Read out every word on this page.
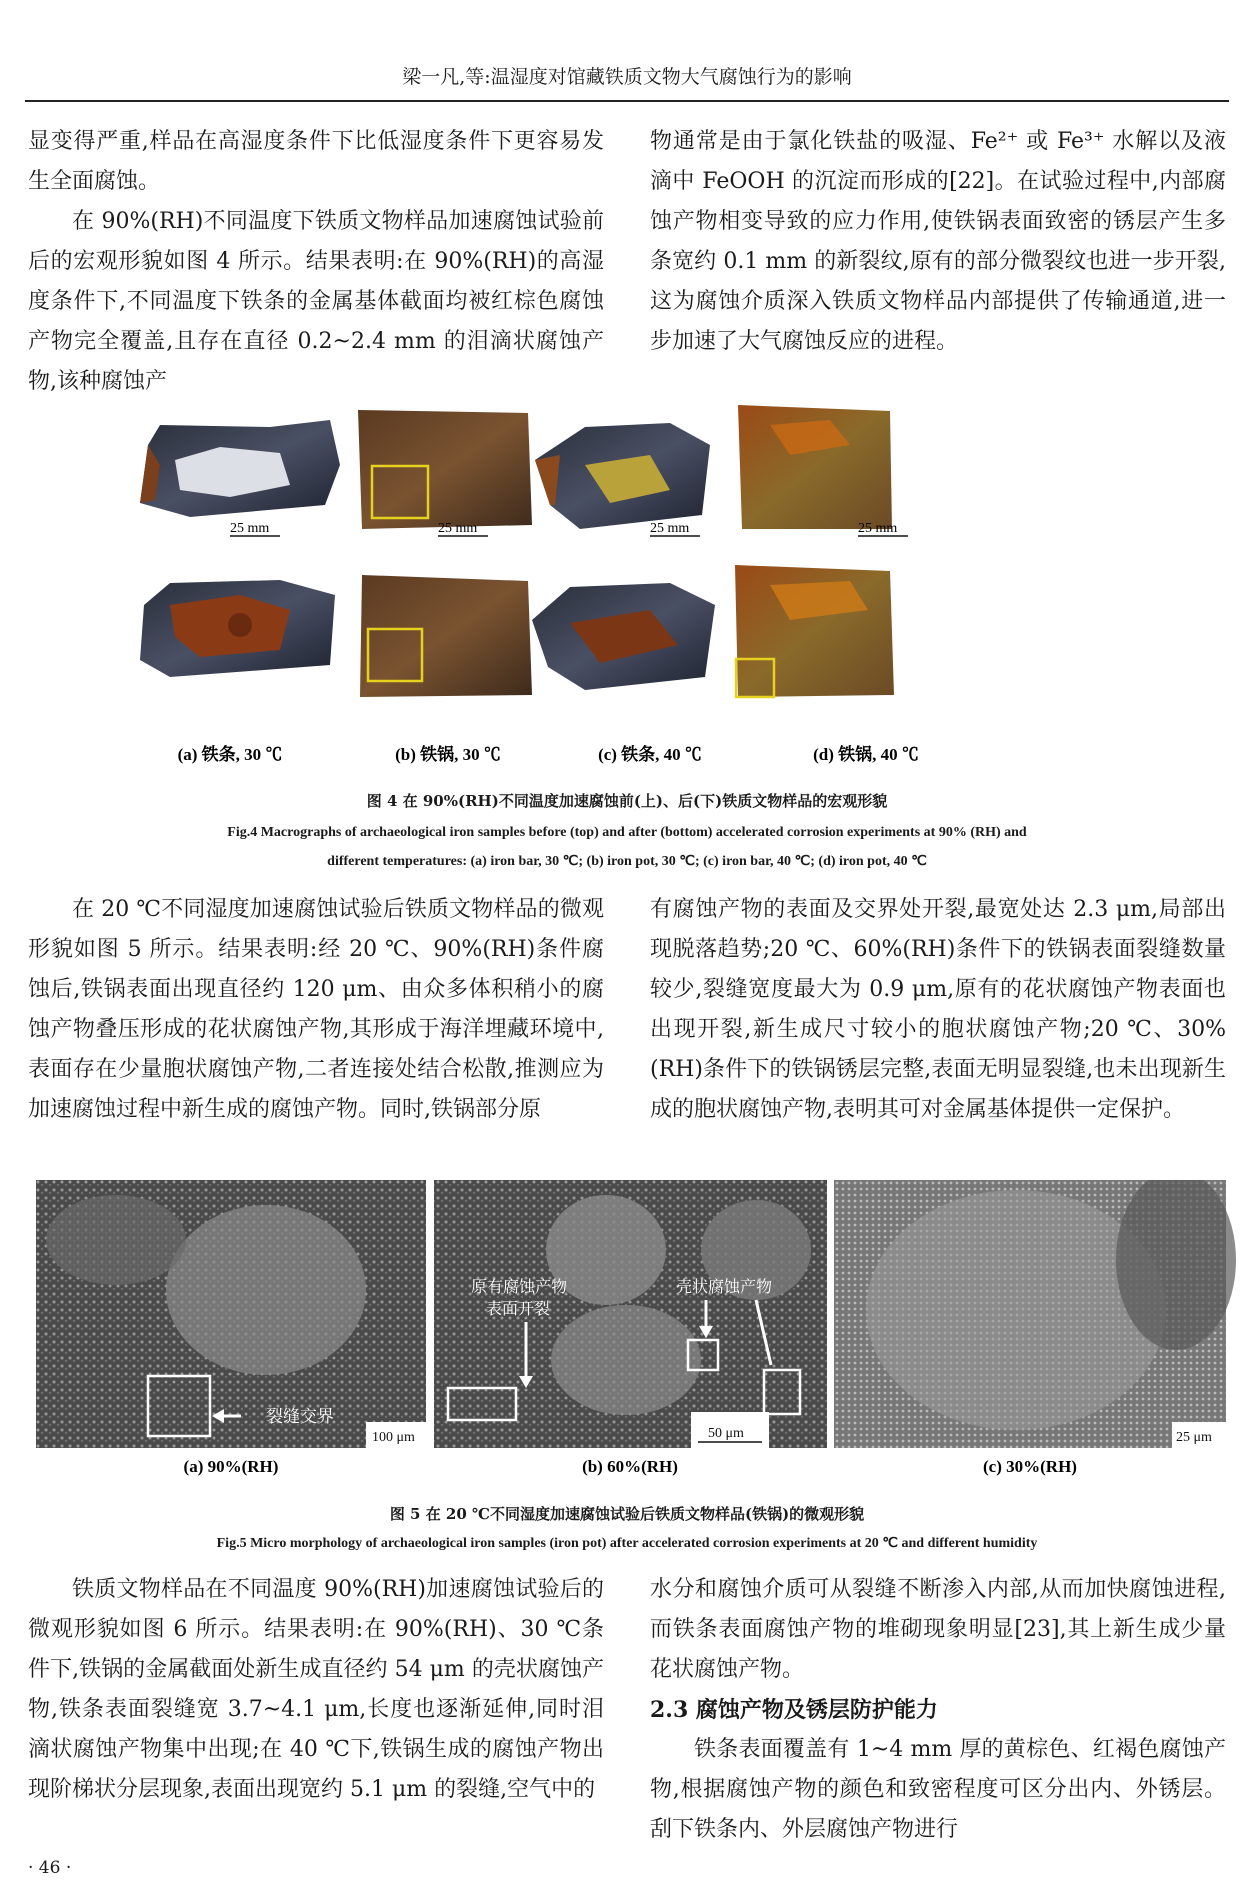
梁一凡,等:温湿度对馆藏铁质文物大气腐蚀行为的影响

显变得严重,样品在高湿度条件下比低湿度条件下更容易发生全面腐蚀。

在 90%(RH)不同温度下铁质文物样品加速腐蚀试验前后的宏观形貌如图 4 所示。结果表明:在 90%(RH)的高湿度条件下,不同温度下铁条的金属基体截面均被红棕色腐蚀产物完全覆盖,且存在直径 0.2~2.4 mm 的泪滴状腐蚀产物,该种腐蚀产

物通常是由于氯化铁盐的吸湿、Fe²⁺ 或 Fe³⁺ 水解以及液滴中 FeOOH 的沉淀而形成的[22]。在试验过程中,内部腐蚀产物相变导致的应力作用,使铁锅表面致密的锈层产生多条宽约 0.1 mm 的新裂纹,原有的部分微裂纹也进一步开裂,这为腐蚀介质深入铁质文物样品内部提供了传输通道,进一步加速了大气腐蚀反应的进程。

25 mm	25 mm	25 mm	25 mm
(a) 铁条, 30 ℃	(b) 铁锅, 30 ℃	(c) 铁条, 40 ℃	(d) 铁锅, 40 ℃
图 4 在 90%(RH)不同温度加速腐蚀前(上)、后(下)铁质文物样品的宏观形貌
Fig.4 Macrographs of archaeological iron samples before (top) and after (bottom) accelerated corrosion experiments at 90% (RH) and
different temperatures: (a) iron bar, 30 ℃; (b) iron pot, 30 ℃; (c) iron bar, 40 ℃; (d) iron pot, 40 ℃

在 20 ℃不同湿度加速腐蚀试验后铁质文物样品的微观形貌如图 5 所示。结果表明:经 20 ℃、90%(RH)条件腐蚀后,铁锅表面出现直径约 120 μm、由众多体积稍小的腐蚀产物叠压形成的花状腐蚀产物,其形成于海洋埋藏环境中,表面存在少量胞状腐蚀产物,二者连接处结合松散,推测应为加速腐蚀过程中新生成的腐蚀产物。同时,铁锅部分原

有腐蚀产物的表面及交界处开裂,最宽处达 2.3 μm,局部出现脱落趋势;20 ℃、60%(RH)条件下的铁锅表面裂缝数量较少,裂缝宽度最大为 0.9 μm,原有的花状腐蚀产物表面也出现开裂,新生成尺寸较小的胞状腐蚀产物;20 ℃、30%(RH)条件下的铁锅锈层完整,表面无明显裂缝,也未出现新生成的胞状腐蚀产物,表明其可对金属基体提供一定保护。

裂缝交界
100 μm
原有腐蚀产物
表面开裂
壳状腐蚀产物
50 μm	25 μm
(a) 90%(RH)	(b) 60%(RH)	(c) 30%(RH)
图 5 在 20 ℃不同湿度加速腐蚀试验后铁质文物样品(铁锅)的微观形貌
Fig.5 Micro morphology of archaeological iron samples (iron pot) after accelerated corrosion experiments at 20 ℃ and different humidity

铁质文物样品在不同温度 90%(RH)加速腐蚀试验后的微观形貌如图 6 所示。结果表明:在 90%(RH)、30 ℃条件下,铁锅的金属截面处新生成直径约 54 μm 的壳状腐蚀产物,铁条表面裂缝宽 3.7~4.1 μm,长度也逐渐延伸,同时泪滴状腐蚀产物集中出现;在 40 ℃下,铁锅生成的腐蚀产物出现阶梯状分层现象,表面出现宽约 5.1 μm 的裂缝,空气中的

水分和腐蚀介质可从裂缝不断渗入内部,从而加快腐蚀进程,而铁条表面腐蚀产物的堆砌现象明显[23],其上新生成少量花状腐蚀产物。

2.3 腐蚀产物及锈层防护能力

铁条表面覆盖有 1~4 mm 厚的黄棕色、红褐色腐蚀产物,根据腐蚀产物的颜色和致密程度可区分出内、外锈层。刮下铁条内、外层腐蚀产物进行

· 46 ·
